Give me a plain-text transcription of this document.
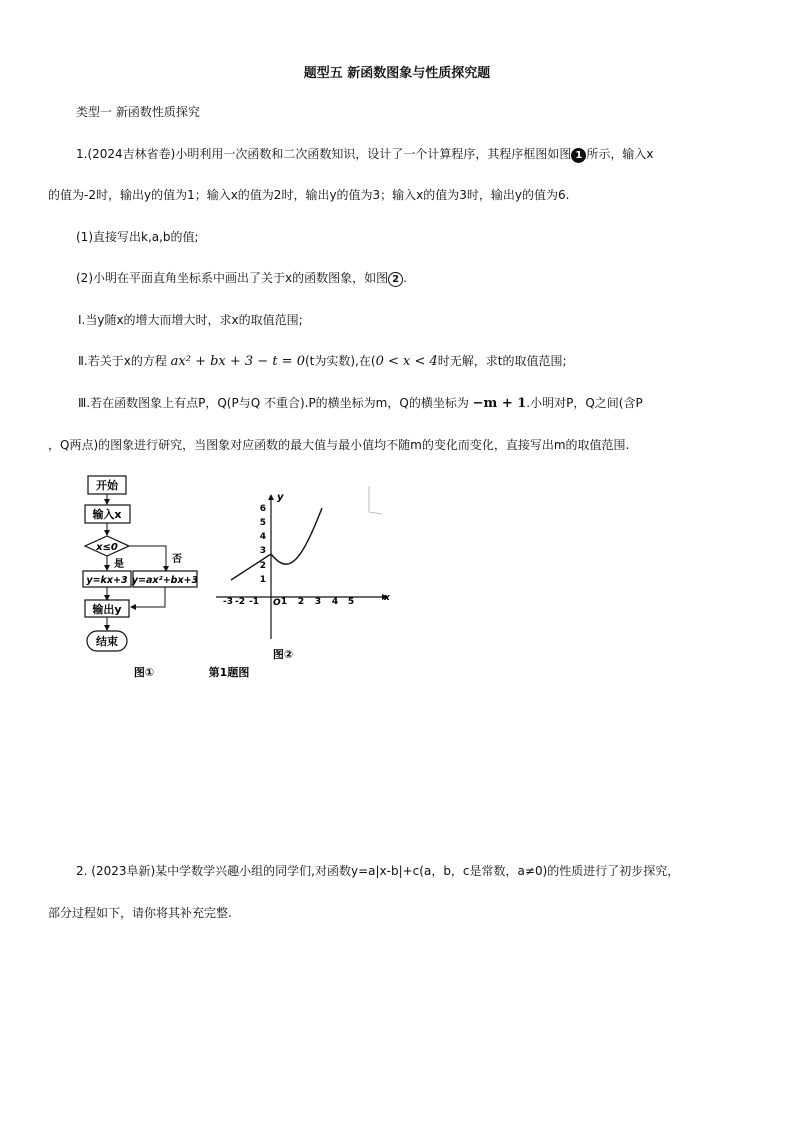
题型五 新函数图象与性质探究题
类型一 新函数性质探究
1.(2024吉林省卷)小明利用一次函数和二次函数知识，设计了一个计算程序，其程序框图如图 1 所示，输入x
的值为-2时，输出y的值为1；输入x的值为2时，输出y的值为3；输入x的值为3时，输出y的值为6.
(1)直接写出k,a,b的值;
(2)小明在平面直角坐标系中画出了关于x的函数图象，如图 2 .
Ⅰ.当y随x的增大而增大时，求x的取值范围;
Ⅱ.若关于x的方程 ax² + bx + 3 − t = 0(t为实数),在(0 < x < 4时无解，求t的取值范围;
Ⅲ.若在函数图象上有点P，Q(P与Q 不重合).P的横坐标为m，Q的横坐标为 −m + 1.小明对P，Q之间(含P
，Q两点)的图象进行研究，当图象对应函数的最大值与最小值均不随m的变化而变化，直接写出m的取值范围.
开始
输入x
x≤0
是	否
y=kx+3 y=ax²+bx+3
输出y
结束
图①	第1题图
y
x
O
-3 -2 -1 1 2 3 4 5
1
2
3
4
5
6
图②
2. (2023阜新)某中学数学兴趣小组的同学们,对函数y=a|x-b|+c(a，b，c是常数，a≠0)的性质进行了初步探究，
部分过程如下，请你将其补充完整.
